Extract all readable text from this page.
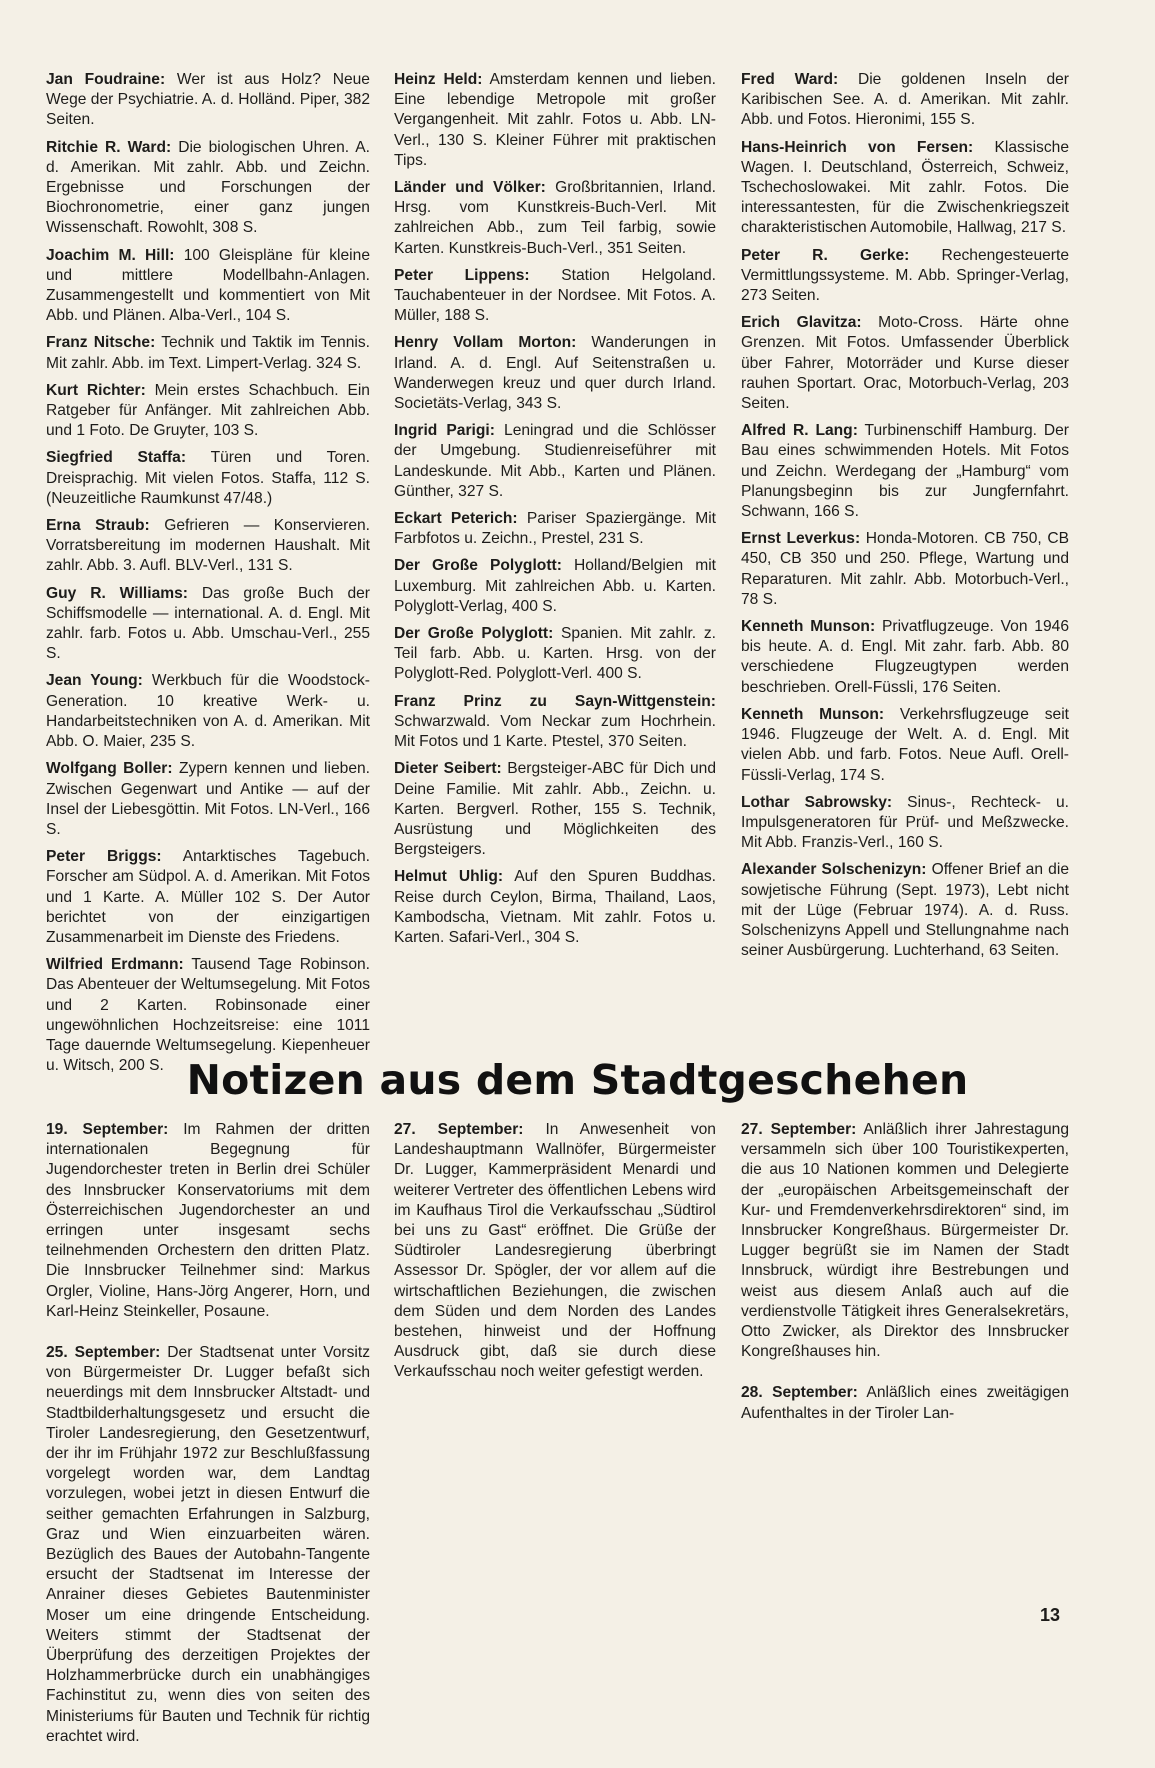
Jan Foudraine: Wer ist aus Holz? Neue Wege der Psychiatrie. A. d. Holländ. Piper, 382 Seiten.

Ritchie R. Ward: Die biologischen Uhren. A. d. Amerikan. Mit zahlr. Abb. und Zeichn. Ergebnisse und Forschungen der Biochronometrie, einer ganz jungen Wissenschaft. Rowohlt, 308 S.

Joachim M. Hill: 100 Gleispläne für kleine und mittlere Modellbahn-Anlagen. Zusammengestellt und kommentiert von Mit Abb. und Plänen. Alba-Verl., 104 S.

Franz Nitsche: Technik und Taktik im Tennis. Mit zahlr. Abb. im Text. Limpert-Verlag. 324 S.

Kurt Richter: Mein erstes Schachbuch. Ein Ratgeber für Anfänger. Mit zahlreichen Abb. und 1 Foto. De Gruyter, 103 S.

Siegfried Staffa: Türen und Toren. Dreisprachig. Mit vielen Fotos. Staffa, 112 S. (Neuzeitliche Raumkunst 47/48.)

Erna Straub: Gefrieren — Konservieren. Vorratsbereitung im modernen Haushalt. Mit zahlr. Abb. 3. Aufl. BLV-Verl., 131 S.

Guy R. Williams: Das große Buch der Schiffsmodelle — international. A. d. Engl. Mit zahlr. farb. Fotos u. Abb. Umschau-Verl., 255 S.

Jean Young: Werkbuch für die Woodstock-Generation. 10 kreative Werk- u. Handarbeitstechniken von A. d. Amerikan. Mit Abb. O. Maier, 235 S.

Wolfgang Boller: Zypern kennen und lieben. Zwischen Gegenwart und Antike — auf der Insel der Liebesgöttin. Mit Fotos. LN-Verl., 166 S.

Peter Briggs: Antarktisches Tagebuch. Forscher am Südpol. A. d. Amerikan. Mit Fotos und 1 Karte. A. Müller 102 S. Der Autor berichtet von der einzigartigen Zusammenarbeit im Dienste des Friedens.

Wilfried Erdmann: Tausend Tage Robinson. Das Abenteuer der Weltumsegelung. Mit Fotos und 2 Karten. Robinsonade einer ungewöhnlichen Hochzeitsreise: eine 1011 Tage dauernde Weltumsegelung. Kiepenheuer u. Witsch, 200 S.

Heinz Held: Amsterdam kennen und lieben. Eine lebendige Metropole mit großer Vergangenheit. Mit zahlr. Fotos u. Abb. LN-Verl., 130 S. Kleiner Führer mit praktischen Tips.

Länder und Völker: Großbritannien, Irland. Hrsg. vom Kunstkreis-Buch-Verl. Mit zahlreichen Abb., zum Teil farbig, sowie Karten. Kunstkreis-Buch-Verl., 351 Seiten.

Peter Lippens: Station Helgoland. Tauchabenteuer in der Nordsee. Mit Fotos. A. Müller, 188 S.

Henry Vollam Morton: Wanderungen in Irland. A. d. Engl. Auf Seitenstraßen u. Wanderwegen kreuz und quer durch Irland. Societäts-Verlag, 343 S.

Ingrid Parigi: Leningrad und die Schlösser der Umgebung. Studienreiseführer mit Landeskunde. Mit Abb., Karten und Plänen. Günther, 327 S.

Eckart Peterich: Pariser Spaziergänge. Mit Farbfotos u. Zeichn., Prestel, 231 S.

Der Große Polyglott: Holland/Belgien mit Luxemburg. Mit zahlreichen Abb. u. Karten. Polyglott-Verlag, 400 S.

Der Große Polyglott: Spanien. Mit zahlr. z. Teil farb. Abb. u. Karten. Hrsg. von der Polyglott-Red. Polyglott-Verl. 400 S.

Franz Prinz zu Sayn-Wittgenstein: Schwarzwald. Vom Neckar zum Hochrhein. Mit Fotos und 1 Karte. Ptestel, 370 Seiten.

Dieter Seibert: Bergsteiger-ABC für Dich und Deine Familie. Mit zahlr. Abb., Zeichn. u. Karten. Bergverl. Rother, 155 S. Technik, Ausrüstung und Möglichkeiten des Bergsteigers.

Helmut Uhlig: Auf den Spuren Buddhas. Reise durch Ceylon, Birma, Thailand, Laos, Kambodscha, Vietnam. Mit zahlr. Fotos u. Karten. Safari-Verl., 304 S.

Fred Ward: Die goldenen Inseln der Karibischen See. A. d. Amerikan. Mit zahlr. Abb. und Fotos. Hieronimi, 155 S.

Hans-Heinrich von Fersen: Klassische Wagen. I. Deutschland, Österreich, Schweiz, Tschechoslowakei. Mit zahlr. Fotos. Die interessantesten, für die Zwischenkriegszeit charakteristischen Automobile, Hallwag, 217 S.

Peter R. Gerke: Rechengesteuerte Vermittlungssysteme. M. Abb. Springer-Verlag, 273 Seiten.

Erich Glavitza: Moto-Cross. Härte ohne Grenzen. Mit Fotos. Umfassender Überblick über Fahrer, Motorräder und Kurse dieser rauhen Sportart. Orac, Motorbuch-Verlag, 203 Seiten.

Alfred R. Lang: Turbinenschiff Hamburg. Der Bau eines schwimmenden Hotels. Mit Fotos und Zeichn. Werdegang der „Hamburg“ vom Planungsbeginn bis zur Jungfernfahrt. Schwann, 166 S.

Ernst Leverkus: Honda-Motoren. CB 750, CB 450, CB 350 und 250. Pflege, Wartung und Reparaturen. Mit zahlr. Abb. Motorbuch-Verl., 78 S.

Kenneth Munson: Privatflugzeuge. Von 1946 bis heute. A. d. Engl. Mit zahr. farb. Abb. 80 verschiedene Flugzeugtypen werden beschrieben. Orell-Füssli, 176 Seiten.

Kenneth Munson: Verkehrsflugzeuge seit 1946. Flugzeuge der Welt. A. d. Engl. Mit vielen Abb. und farb. Fotos. Neue Aufl. Orell-Füssli-Verlag, 174 S.

Lothar Sabrowsky: Sinus-, Rechteck- u. Impulsgeneratoren für Prüf- und Meßzwecke. Mit Abb. Franzis-Verl., 160 S.

Alexander Solschenizyn: Offener Brief an die sowjetische Führung (Sept. 1973), Lebt nicht mit der Lüge (Februar 1974). A. d. Russ. Solschenizyns Appell und Stellungnahme nach seiner Ausbürgerung. Luchterhand, 63 Seiten.

Notizen aus dem Stadtgeschehen

19. September: Im Rahmen der dritten internationalen Begegnung für Jugendorchester treten in Berlin drei Schüler des Innsbrucker Konservatoriums mit dem Österreichischen Jugendorchester an und erringen unter insgesamt sechs teilnehmenden Orchestern den dritten Platz. Die Innsbrucker Teilnehmer sind: Markus Orgler, Violine, Hans-Jörg Angerer, Horn, und Karl-Heinz Steinkeller, Posaune.

25. September: Der Stadtsenat unter Vorsitz von Bürgermeister Dr. Lugger befaßt sich neuerdings mit dem Innsbrucker Altstadt- und Stadtbilderhaltungsgesetz und ersucht die Tiroler Landesregierung, den Gesetzentwurf, der ihr im Frühjahr 1972 zur Beschlußfassung vorgelegt worden war, dem Landtag vorzulegen, wobei jetzt in diesen Entwurf die seither gemachten Erfahrungen in Salzburg, Graz und Wien einzuarbeiten wären. Bezüglich des Baues der Autobahn-Tangente ersucht der Stadtsenat im Interesse der Anrainer dieses Gebietes Bautenminister Moser um eine dringende Entscheidung. Weiters stimmt der Stadtsenat der Überprüfung des derzeitigen Projektes der Holzhammerbrücke durch ein unabhängiges Fachinstitut zu, wenn dies von seiten des Ministeriums für Bauten und Technik für richtig erachtet wird.

27. September: In Anwesenheit von Landeshauptmann Wallnöfer, Bürgermeister Dr. Lugger, Kammerpräsident Menardi und weiterer Vertreter des öffentlichen Lebens wird im Kaufhaus Tirol die Verkaufsschau „Südtirol bei uns zu Gast“ eröffnet. Die Grüße der Südtiroler Landesregierung überbringt Assessor Dr. Spögler, der vor allem auf die wirtschaftlichen Beziehungen, die zwischen dem Süden und dem Norden des Landes bestehen, hinweist und der Hoffnung Ausdruck gibt, daß sie durch diese Verkaufsschau noch weiter gefestigt werden.

27. September: Anläßlich ihrer Jahrestagung versammeln sich über 100 Touristikexperten, die aus 10 Nationen kommen und Delegierte der „europäischen Arbeitsgemeinschaft der Kur- und Fremdenverkehrsdirektoren“ sind, im Innsbrucker Kongreßhaus. Bürgermeister Dr. Lugger begrüßt sie im Namen der Stadt Innsbruck, würdigt ihre Bestrebungen und weist aus diesem Anlaß auch auf die verdienstvolle Tätigkeit ihres Generalsekretärs, Otto Zwicker, als Direktor des Innsbrucker Kongreßhauses hin.

28. September: Anläßlich eines zweitägigen Aufenthaltes in der Tiroler Lan-

13
